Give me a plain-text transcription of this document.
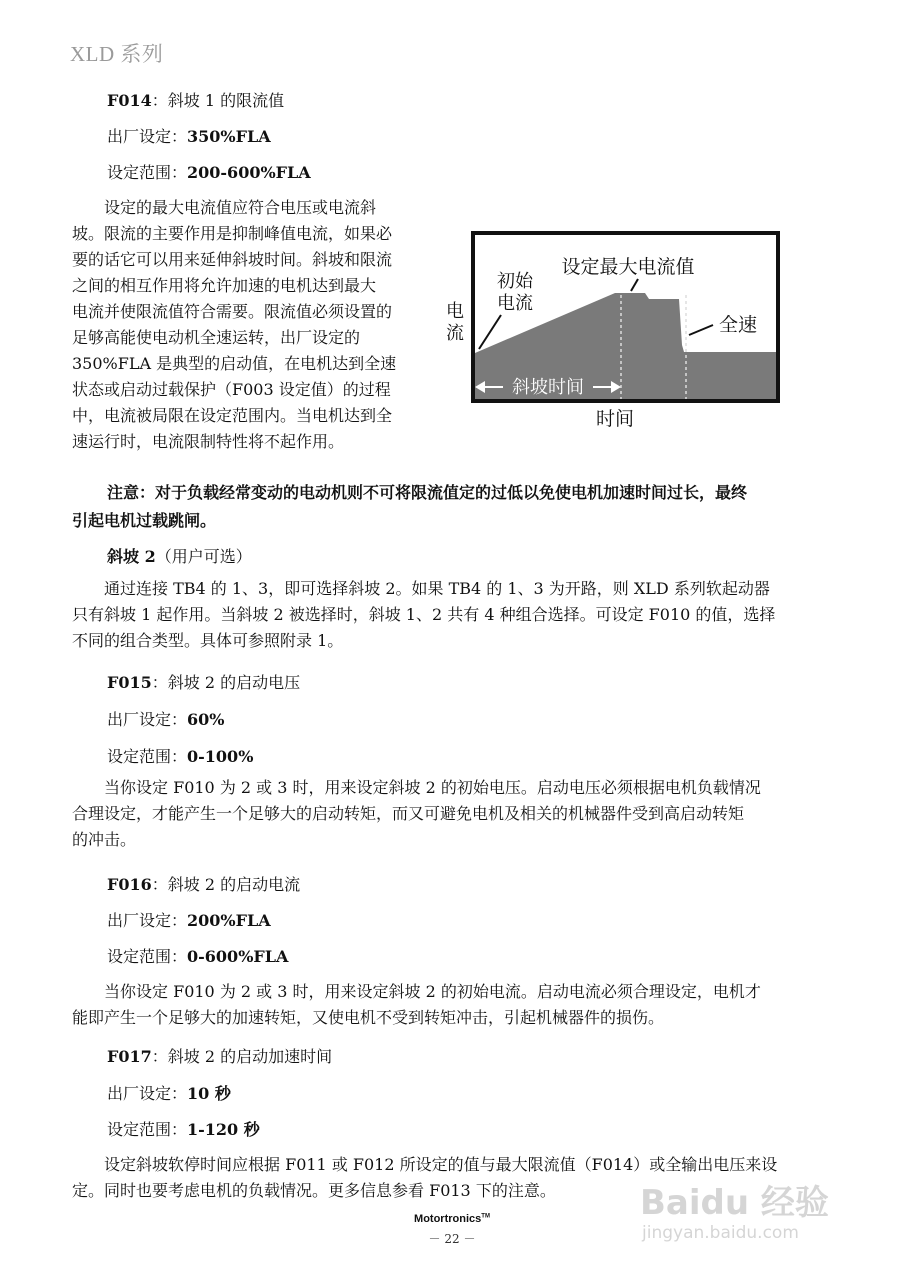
XLD 系列
F014：斜坡 1 的限流值
出厂设定：350%FLA
设定范围：200-600%FLA

设定的最大电流值应符合电压或电流斜

坡。限流的主要作用是抑制峰值电流，如果必

要的话它可以用来延伸斜坡时间。斜坡和限流

之间的相互作用将允许加速的电机达到最大

电流并使限流值符合需要。限流值必须设置的

足够高能使电动机全速运转，出厂设定的

350%FLA 是典型的启动值，在电机达到全速

状态或启动过载保护（F003 设定值）的过程

中，电流被局限在设定范围内。当电机达到全

速运行时，电流限制特性将不起作用。

斜坡时间
设定最大电流值
初始
电流
电
流	全速
时间
注意：对于负载经常变动的电动机则不可将限流值定的过低以免使电机加速时间过长，最终
引起电机过载跳闸。
斜坡 2（用户可选）

通过连接 TB4 的 1、3，即可选择斜坡 2。如果 TB4 的 1、3 为开路，则 XLD 系列软起动器

只有斜坡 1 起作用。当斜坡 2 被选择时，斜坡 1、2 共有 4 种组合选择。可设定 F010 的值，选择

不同的组合类型。具体可参照附录 1。

F015：斜坡 2 的启动电压
出厂设定：60%
设定范围：0-100%

当你设定 F010 为 2 或 3 时，用来设定斜坡 2 的初始电压。启动电压必须根据电机负载情况

合理设定，才能产生一个足够大的启动转矩，而又可避免电机及相关的机械器件受到高启动转矩

的冲击。

F016：斜坡 2 的启动电流
出厂设定：200%FLA
设定范围：0-600%FLA

当你设定 F010 为 2 或 3 时，用来设定斜坡 2 的初始电流。启动电流必须合理设定，电机才

能即产生一个足够大的加速转矩，又使电机不受到转矩冲击，引起机械器件的损伤。

F017：斜坡 2 的启动加速时间
出厂设定：10 秒
设定范围：1-120 秒

设定斜坡软停时间应根据 F011 或 F012 所设定的值与最大限流值（F014）或全输出电压来设

定。同时也要考虑电机的负载情况。更多信息参看 F013 下的注意。	Baidu 经验
jingyan.baidu.com
Motortronics™
－ 22 －
